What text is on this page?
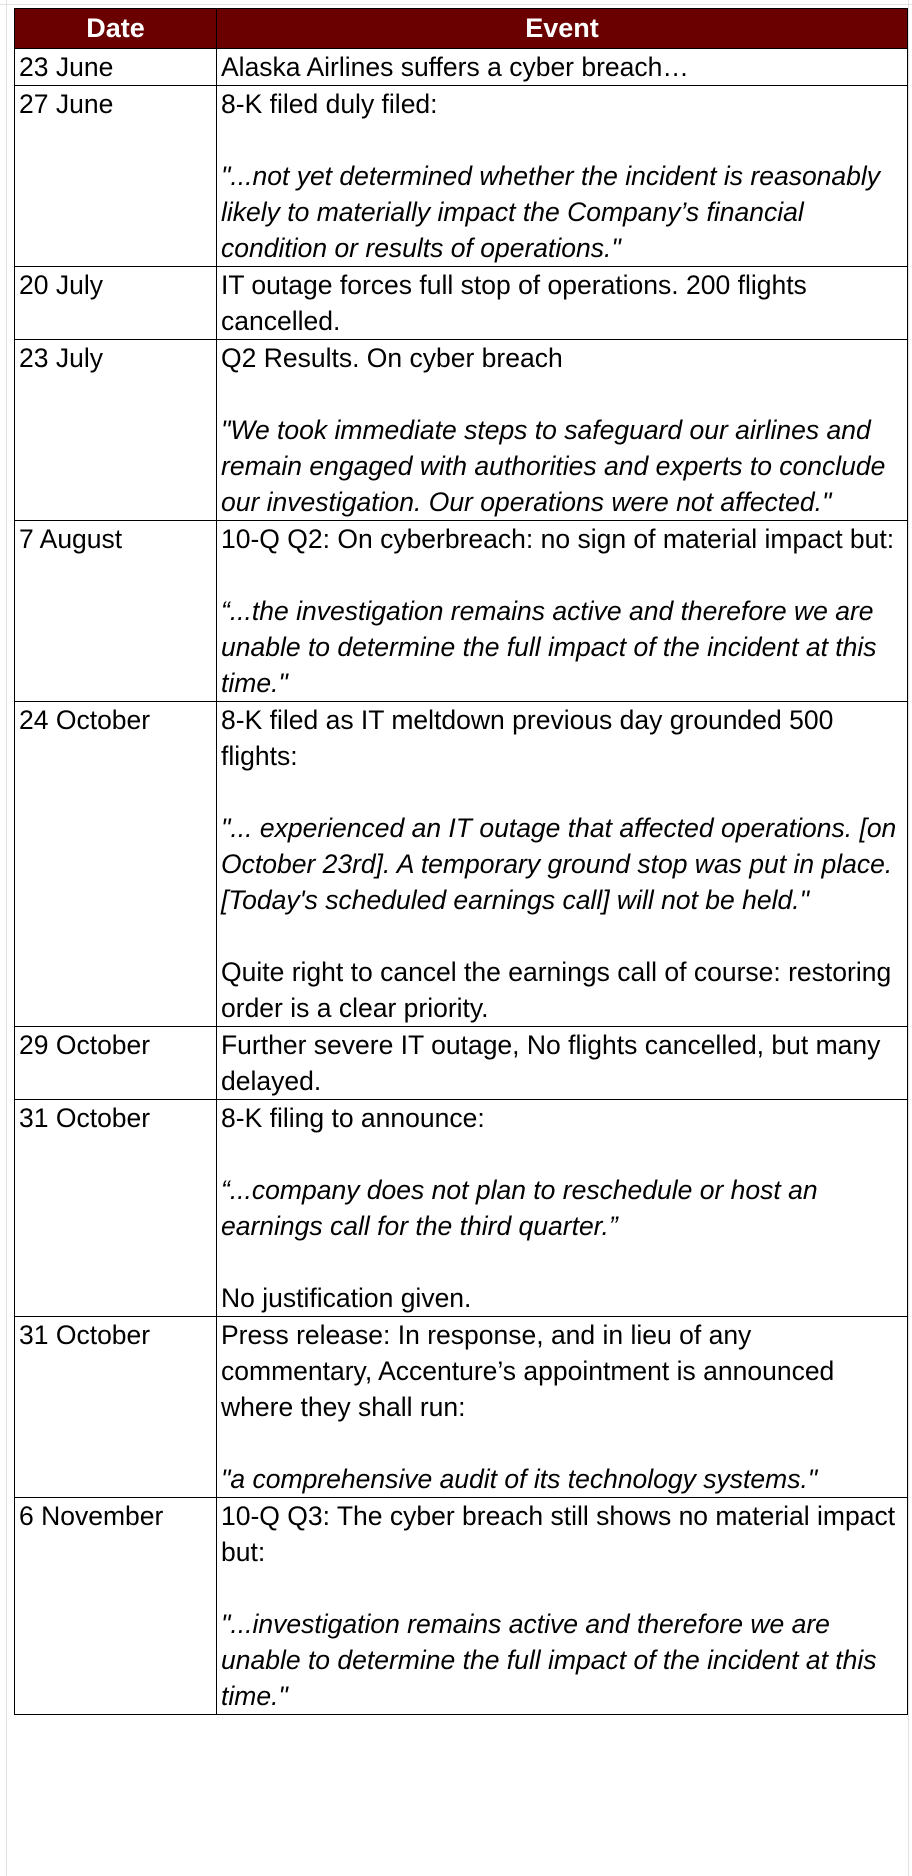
Date	Event
23 June	Alaska Airlines suffers a cyber breach…

27 June	8-K filed duly filed:
"...not yet determined whether the incident is reasonably likely to materially impact the Company’s financial condition or results of operations."

20 July	IT outage forces full stop of operations. 200 flights cancelled.

23 July	Q2 Results. On cyber breach
"We took immediate steps to safeguard our airlines and remain engaged with authorities and experts to conclude our investigation. Our operations were not affected."

7 August	10-Q Q2: On cyberbreach: no sign of material impact but:
“...the investigation remains active and therefore we are unable to determine the full impact of the incident at this time."

24 October	8-K filed as IT meltdown previous day grounded 500 flights:
"... experienced an IT outage that affected operations. [on October 23rd]. A temporary ground stop was put in place. [Today's scheduled earnings call] will not be held."
Quite right to cancel the earnings call of course: restoring order is a clear priority.

29 October	Further severe IT outage, No flights cancelled, but many delayed.

31 October	8-K filing to announce:
“...company does not plan to reschedule or host an earnings call for the third quarter.”
No justification given.

31 October	Press release: In response, and in lieu of any commentary, Accenture’s appointment is announced where they shall run:
"a comprehensive audit of its technology systems."

6 November	10-Q Q3: The cyber breach still shows no material impact but:
"...investigation remains active and therefore we are unable to determine the full impact of the incident at this time."
